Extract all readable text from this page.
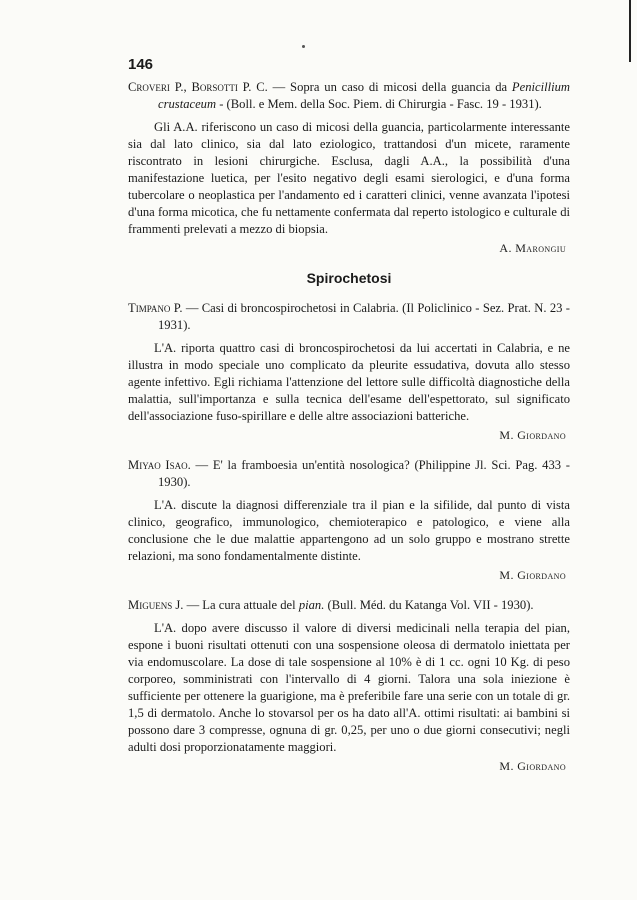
146
Croveri P., Borsotti P. C. — Sopra un caso di micosi della guancia da Penicillium crustaceum - (Boll. e Mem. della Soc. Piem. di Chirurgia - Fasc. 19 - 1931).
Gli A.A. riferiscono un caso di micosi della guancia, particolarmente interessante sia dal lato clinico, sia dal lato eziologico, trattandosi d'un micete, raramente riscontrato in lesioni chirurgiche. Esclusa, dagli A.A., la possibilità d'una manifestazione luetica, per l'esito negativo degli esami sierologici, e d'una forma tubercolare o neoplastica per l'andamento ed i caratteri clinici, venne avanzata l'ipotesi d'una forma micotica, che fu nettamente confermata dal reperto istologico e culturale di frammenti prelevati a mezzo di biopsia.
A. Marongiu
Spirochetosi
Timpano P. — Casi di broncospirochetosi in Calabria. (Il Policlinico - Sez. Prat. N. 23 - 1931).
L'A. riporta quattro casi di broncospirochetosi da lui accertati in Calabria, e ne illustra in modo speciale uno complicato da pleurite essudativa, dovuta allo stesso agente infettivo. Egli richiama l'attenzione del lettore sulle difficoltà diagnostiche della malattia, sull'importanza e sulla tecnica dell'esame dell'espettorato, sul significato dell'associazione fuso-spirillare e delle altre associazioni batteriche.
M. Giordano
Miyao Isao. — E' la framboesia un'entità nosologica? (Philippine Jl. Sci. Pag. 433 - 1930).
L'A. discute la diagnosi differenziale tra il pian e la sifilide, dal punto di vista clinico, geografico, immunologico, chemioterapico e patologico, e viene alla conclusione che le due malattie appartengono ad un solo gruppo e mostrano strette relazioni, ma sono fondamentalmente distinte.
M. Giordano
Miguens J. — La cura attuale del pian. (Bull. Méd. du Katanga Vol. VII - 1930).
L'A. dopo avere discusso il valore di diversi medicinali nella terapia del pian, espone i buoni risultati ottenuti con una sospensione oleosa di dermatolo iniettata per via endomuscolare. La dose di tale sospensione al 10% è di 1 cc. ogni 10 Kg. di peso corporeo, somministrati con l'intervallo di 4 giorni. Talora una sola iniezione è sufficiente per ottenere la guarigione, ma è preferibile fare una serie con un totale di gr. 1,5 di dermatolo. Anche lo stovarsol per os ha dato all'A. ottimi risultati: ai bambini si possono dare 3 compresse, ognuna di gr. 0,25, per uno o due giorni consecutivi; negli adulti dosi proporzionatamente maggiori.
M. Giordano
